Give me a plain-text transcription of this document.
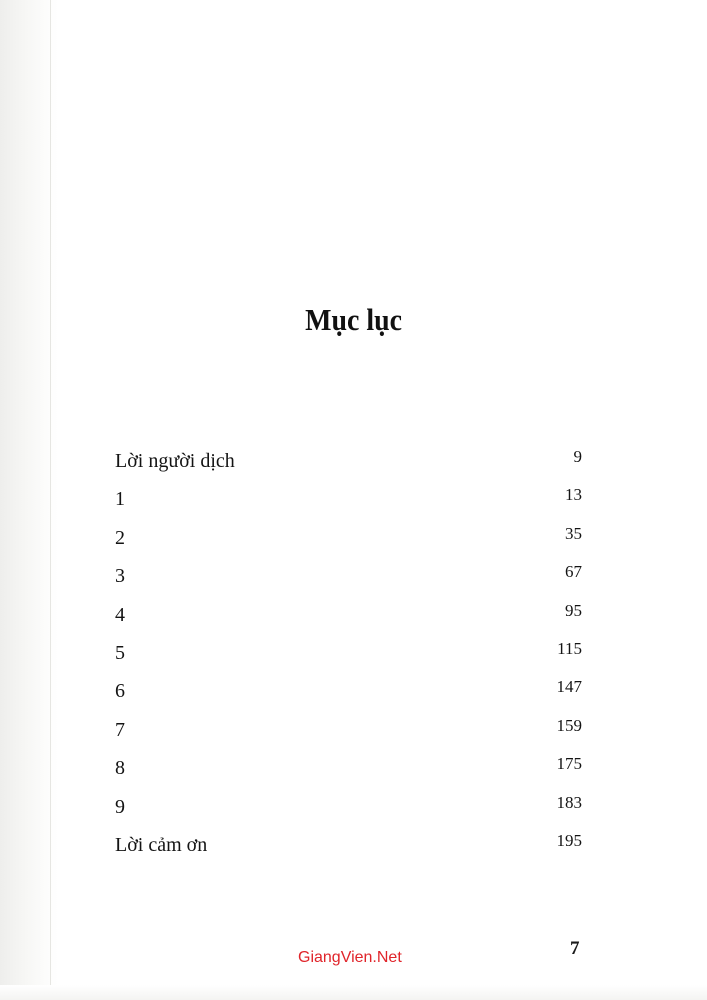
Mục lục
Lời người dịch	9
1	13
2	35
3	67
4	95
5	115
6	147
7	159
8	175
9	183
Lời cảm ơn	195
GiangVien.Net	7
